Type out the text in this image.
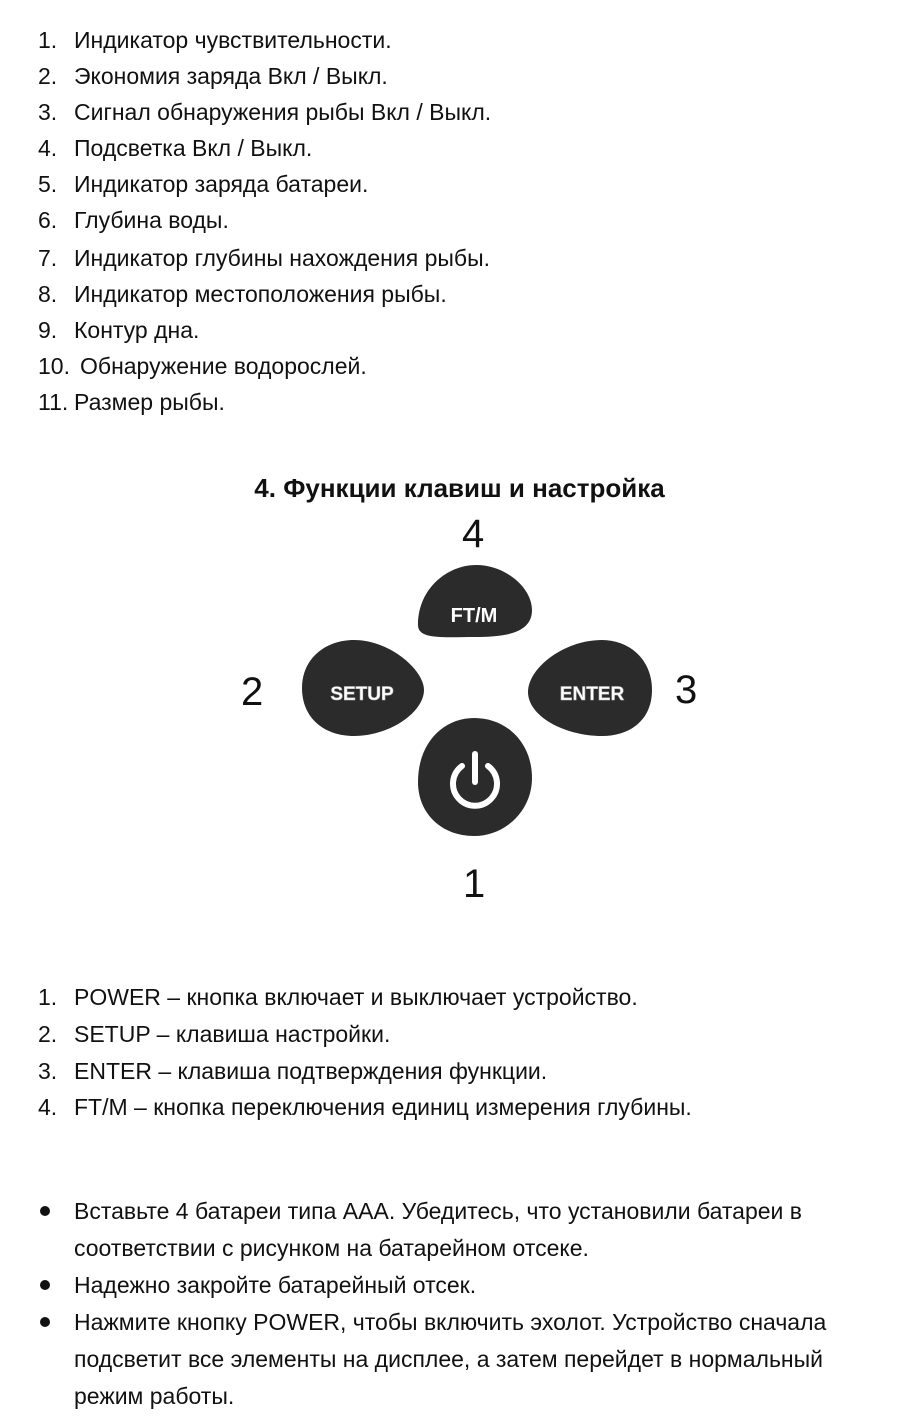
1. Индикатор чувствительности.
2. Экономия заряда Вкл / Выкл.
3. Сигнал обнаружения рыбы Вкл / Выкл.
4. Подсветка Вкл / Выкл.
5. Индикатор заряда батареи.
6. Глубина воды.
7. Индикатор глубины нахождения рыбы.
8. Индикатор местоположения рыбы.
9. Контур дна.
10. Обнаружение водорослей.
11. Размер рыбы.
4. Функции клавиш и настройка
4
2	3
1
FT/M
SETUP	ENTER
1. POWER – кнопка включает и выключает устройство.
2. SETUP – клавиша настройки.
3. ENTER – клавиша подтверждения функции.
4. FT/M – кнопка переключения единиц измерения глубины.
Вставьте 4 батареи типа AAA. Убедитесь, что установили батареи в
соответствии с рисунком на батарейном отсеке.
Надежно закройте батарейный отсек.
Нажмите кнопку POWER, чтобы включить эхолот. Устройство сначала
подсветит все элементы на дисплее, а затем перейдет в нормальный
режим работы.
